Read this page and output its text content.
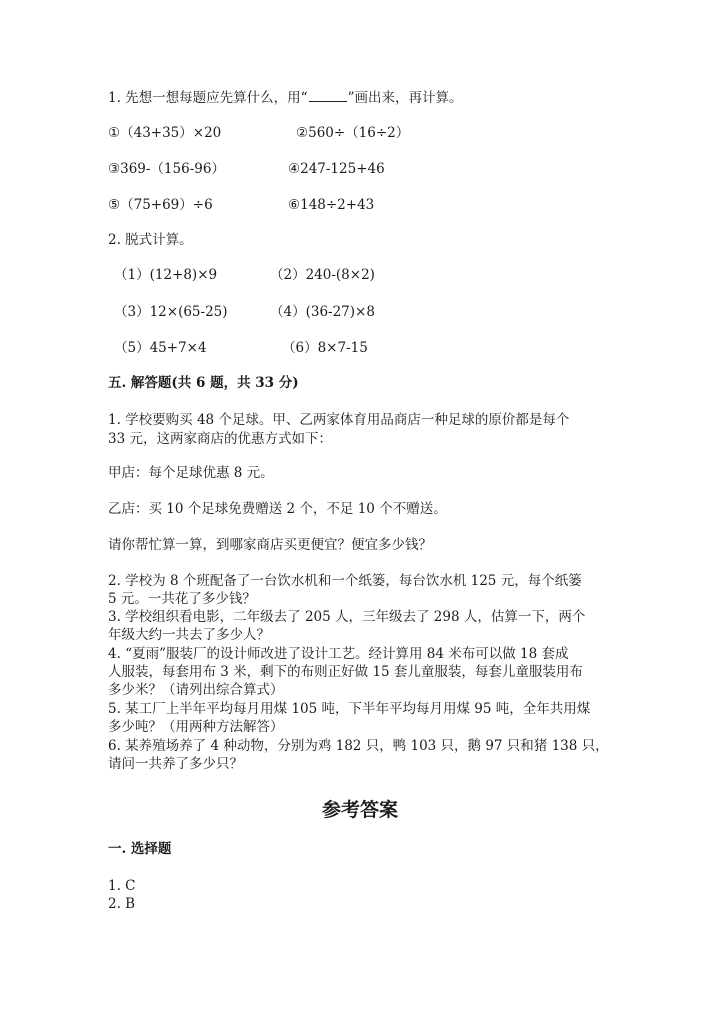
1. 先想一想每题应先算什么，用“	”画出来，再计算。
①（43+35）×20	②560÷（16÷2）
③369-（156-96）	④247-125+46
⑤（75+69）÷6	⑥148÷2+43
2. 脱式计算。
（1）(12+8)×9	（2）240-(8×2)
（3）12×(65-25)	（4）(36-27)×8
（5）45+7×4	（6）8×7-15
五. 解答题(共 6 题，共 33 分)
1. 学校要购买 48 个足球。甲、乙两家体育用品商店一种足球的原价都是每个
33 元，这两家商店的优惠方式如下：
甲店：每个足球优惠 8 元。
乙店：买 10 个足球免费赠送 2 个，不足 10 个不赠送。
请你帮忙算一算，到哪家商店买更便宜？便宜多少钱？
2. 学校为 8 个班配备了一台饮水机和一个纸篓，每台饮水机 125 元，每个纸篓
5 元。一共花了多少钱？
3. 学校组织看电影，二年级去了 205 人，三年级去了 298 人，估算一下，两个
年级大约一共去了多少人？
4. “夏雨”服装厂的设计师改进了设计工艺。经计算用 84 米布可以做 18 套成
人服装，每套用布 3 米，剩下的布则正好做 15 套儿童服装，每套儿童服装用布
多少米？（请列出综合算式）
5. 某工厂上半年平均每月用煤 105 吨，下半年平均每月用煤 95 吨，全年共用煤
多少吨？（用两种方法解答）
6. 某养殖场养了 4 种动物，分别为鸡 182 只，鸭 103 只，鹅 97 只和猪 138 只，
请问一共养了多少只？
参考答案
一. 选择题
1. C
2. B
